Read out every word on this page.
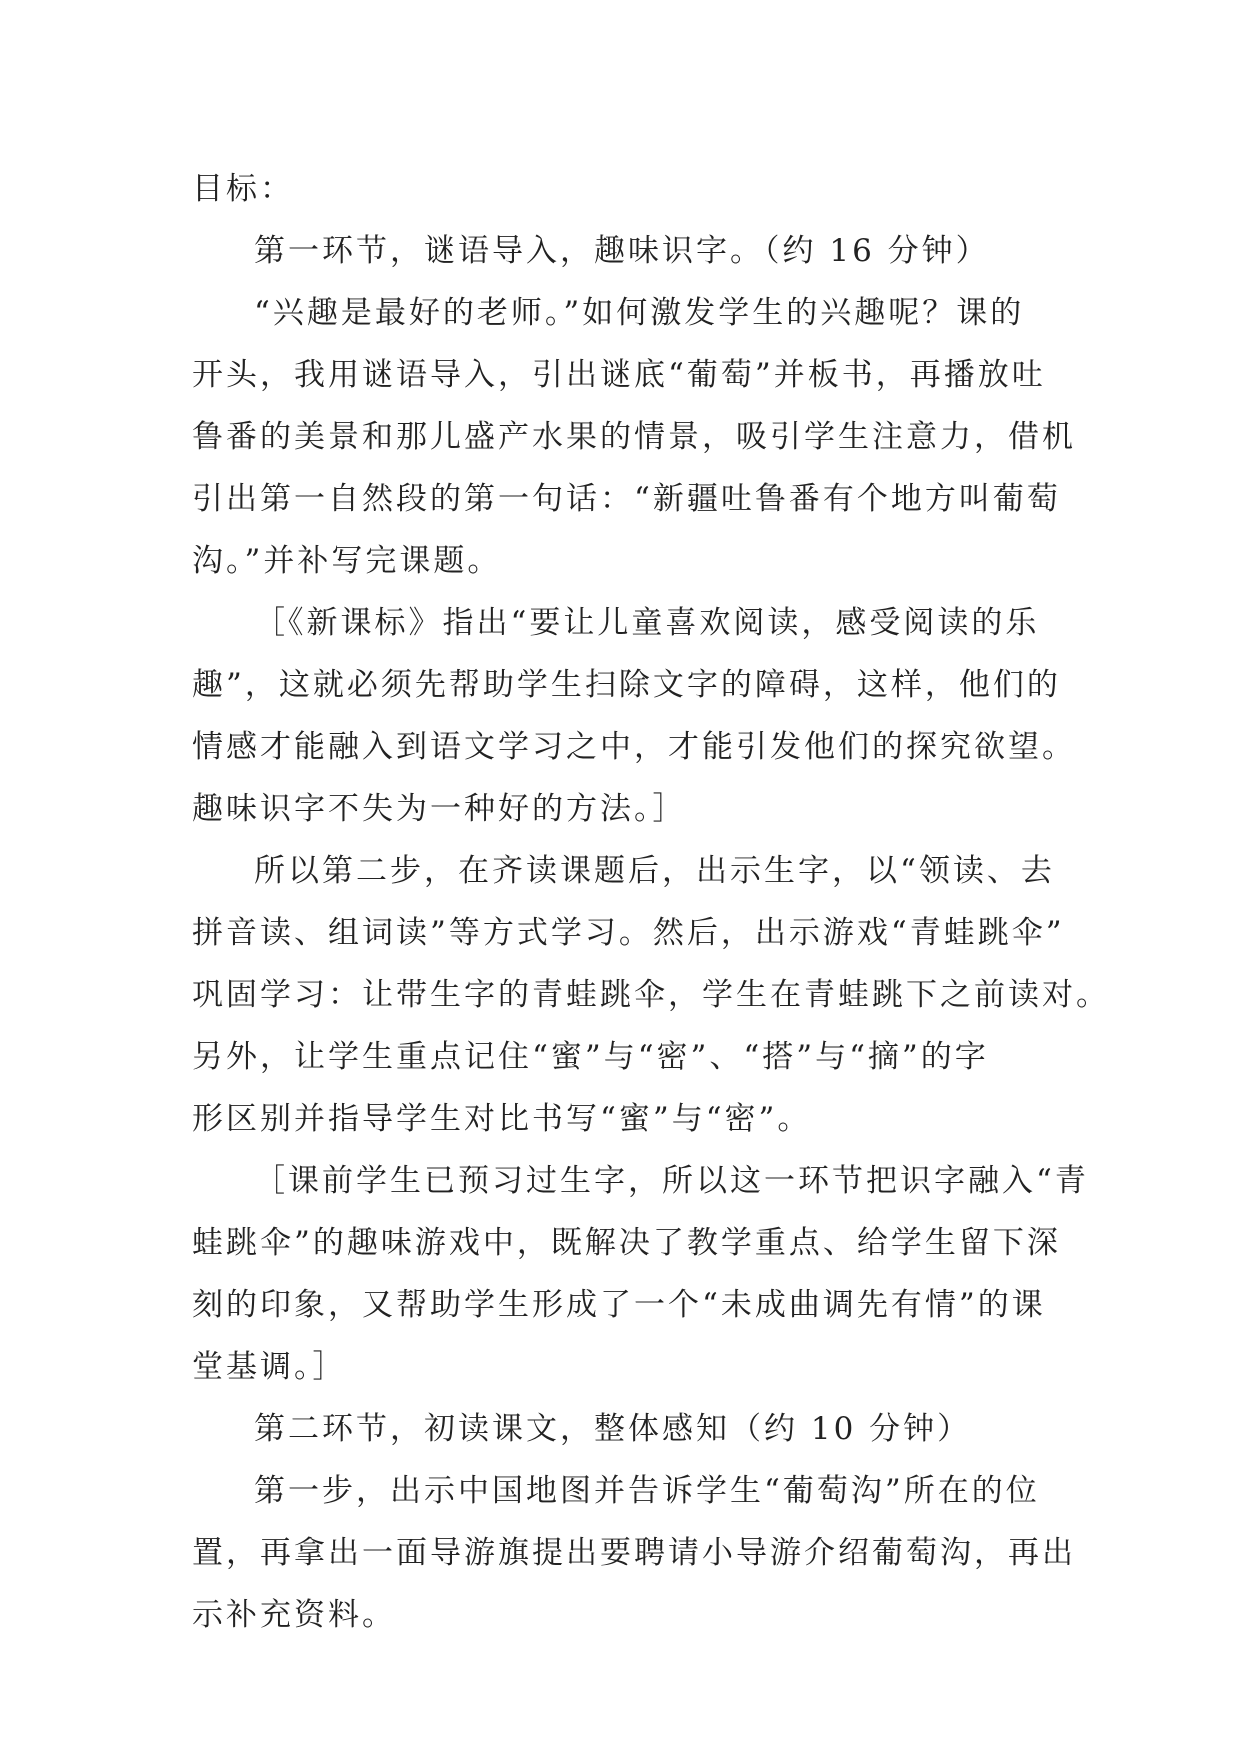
目标：
第一环节，谜语导入，趣味识字。（约 16 分钟）
“兴趣是最好的老师。”如何激发学生的兴趣呢？课的
开头，我用谜语导入，引出谜底“葡萄”并板书，再播放吐
鲁番的美景和那儿盛产水果的情景，吸引学生注意力，借机
引出第一自然段的第一句话：“新疆吐鲁番有个地方叫葡萄
沟。”并补写完课题。
［《新课标》指出“要让儿童喜欢阅读，感受阅读的乐
趣”，这就必须先帮助学生扫除文字的障碍，这样，他们的
情感才能融入到语文学习之中，才能引发他们的探究欲望。
趣味识字不失为一种好的方法。］
所以第二步，在齐读课题后，出示生字，以“领读、去
拼音读、组词读”等方式学习。然后，出示游戏“青蛙跳伞”
巩固学习：让带生字的青蛙跳伞，学生在青蛙跳下之前读对。
另外，让学生重点记住“蜜”与“密”、“搭”与“摘”的字
形区别并指导学生对比书写“蜜”与“密”。
［课前学生已预习过生字，所以这一环节把识字融入“青
蛙跳伞”的趣味游戏中，既解决了教学重点、给学生留下深
刻的印象，又帮助学生形成了一个“未成曲调先有情”的课
堂基调。］
第二环节，初读课文，整体感知（约 10 分钟）
第一步，出示中国地图并告诉学生“葡萄沟”所在的位
置，再拿出一面导游旗提出要聘请小导游介绍葡萄沟，再出
示补充资料。
